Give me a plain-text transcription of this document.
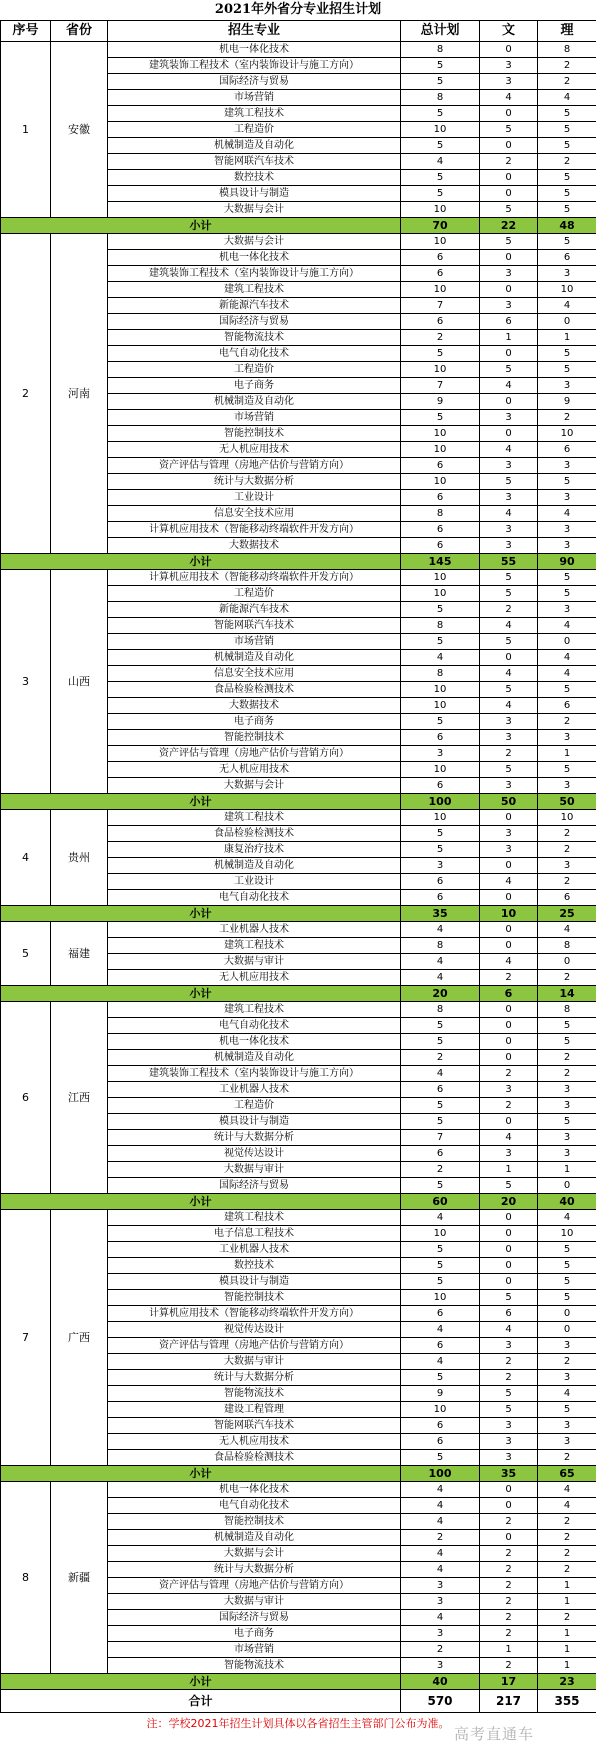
2021年外省分专业招生计划
序号	省份	招生专业	总计划	文	理
1	安徽	机电一体化技术	8	0	8
		建筑装饰工程技术（室内装饰设计与施工方向）	5	3	2
		国际经济与贸易	5	3	2
		市场营销	8	4	4
		建筑工程技术	5	0	5
		工程造价	10	5	5
		机械制造及自动化	5	0	5
		智能网联汽车技术	4	2	2
		数控技术	5	0	5
		模具设计与制造	5	0	5
		大数据与会计	10	5	5
小计			70	22	48
2	河南	大数据与会计	10	5	5
		机电一体化技术	6	0	6
		建筑装饰工程技术（室内装饰设计与施工方向）	6	3	3
		建筑工程技术	10	0	10
		新能源汽车技术	7	3	4
		国际经济与贸易	6	6	0
		智能物流技术	2	1	1
		电气自动化技术	5	0	5
		工程造价	10	5	5
		电子商务	7	4	3
		机械制造及自动化	9	0	9
		市场营销	5	3	2
		智能控制技术	10	0	10
		无人机应用技术	10	4	6
		资产评估与管理（房地产估价与营销方向）	6	3	3
		统计与大数据分析	10	5	5
		工业设计	6	3	3
		信息安全技术应用	8	4	4
		计算机应用技术（智能移动终端软件开发方向）	6	3	3
		大数据技术	6	3	3
小计			145	55	90
3	山西	计算机应用技术（智能移动终端软件开发方向）	10	5	5
		工程造价	10	5	5
		新能源汽车技术	5	2	3
		智能网联汽车技术	8	4	4
		市场营销	5	5	0
		机械制造及自动化	4	0	4
		信息安全技术应用	8	4	4
		食品检验检测技术	10	5	5
		大数据技术	10	4	6
		电子商务	5	3	2
		智能控制技术	6	3	3
		资产评估与管理（房地产估价与营销方向）	3	2	1
		无人机应用技术	10	5	5
		大数据与会计	6	3	3
小计			100	50	50
4	贵州	建筑工程技术	10	0	10
		食品检验检测技术	5	3	2
		康复治疗技术	5	3	2
		机械制造及自动化	3	0	3
		工业设计	6	4	2
		电气自动化技术	6	0	6
小计			35	10	25
5	福建	工业机器人技术	4	0	4
		建筑工程技术	8	0	8
		大数据与审计	4	4	0
		无人机应用技术	4	2	2
小计			20	6	14
6	江西	建筑工程技术	8	0	8
		电气自动化技术	5	0	5
		机电一体化技术	5	0	5
		机械制造及自动化	2	0	2
		建筑装饰工程技术（室内装饰设计与施工方向）	4	2	2
		工业机器人技术	6	3	3
		工程造价	5	2	3
		模具设计与制造	5	0	5
		统计与大数据分析	7	4	3
		视觉传达设计	6	3	3
		大数据与审计	2	1	1
		国际经济与贸易	5	5	0
小计			60	20	40
7	广西	建筑工程技术	4	0	4
		电子信息工程技术	10	0	10
		工业机器人技术	5	0	5
		数控技术	5	0	5
		模具设计与制造	5	0	5
		智能控制技术	10	5	5
		计算机应用技术（智能移动终端软件开发方向）	6	6	0
		视觉传达设计	4	4	0
		资产评估与管理（房地产估价与营销方向）	6	3	3
		大数据与审计	4	2	2
		统计与大数据分析	5	2	3
		智能物流技术	9	5	4
		建设工程管理	10	5	5
		智能网联汽车技术	6	3	3
		无人机应用技术	6	3	3
		食品检验检测技术	5	3	2
小计			100	35	65
8	新疆	机电一体化技术	4	0	4
		电气自动化技术	4	0	4
		智能控制技术	4	2	2
		机械制造及自动化	2	0	2
		大数据与会计	4	2	2
		统计与大数据分析	4	2	2
		资产评估与管理（房地产估价与营销方向）	3	2	1
		大数据与审计	3	2	1
		国际经济与贸易	4	2	2
		电子商务	3	2	1
		市场营销	2	1	1
		智能物流技术	3	2	1
小计			40	17	23
合计			570	217	355
注：学校2021年招生计划具体以各省招生主管部门公布为准。
高考直通车
